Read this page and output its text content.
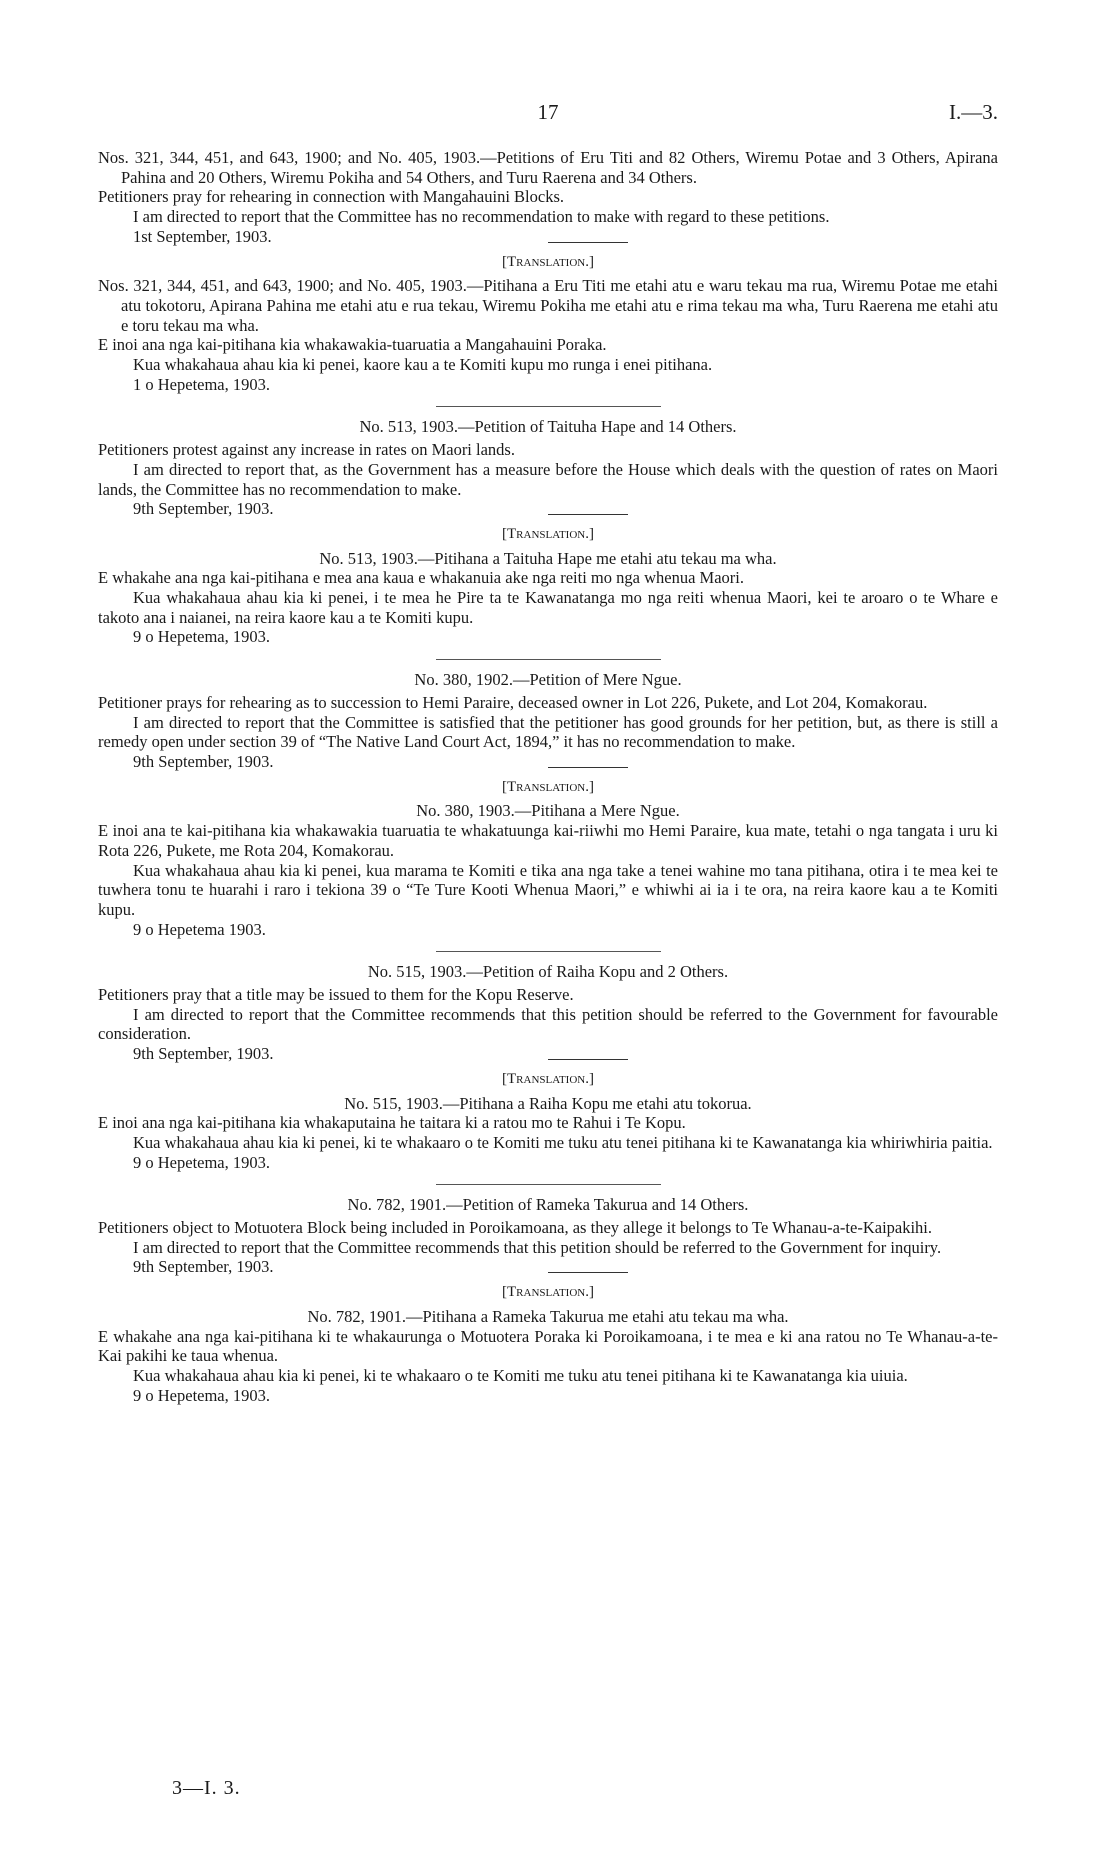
17	I.—3.

Nos. 321, 344, 451, and 643, 1900; and No. 405, 1903.—Petitions of Eru Titi and 82 Others, Wiremu Potae and 3 Others, Apirana Pahina and 20 Others, Wiremu Pokiha and 54 Others, and Turu Raerena and 34 Others.

Petitioners pray for rehearing in connection with Mangahauini Blocks.

I am directed to report that the Committee has no recommendation to make with regard to these petitions.

1st September, 1903.

[Translation.]

Nos. 321, 344, 451, and 643, 1900; and No. 405, 1903.—Pitihana a Eru Titi me etahi atu e waru tekau ma rua, Wiremu Potae me etahi atu tokotoru, Apirana Pahina me etahi atu e rua tekau, Wiremu Pokiha me etahi atu e rima tekau ma wha, Turu Raerena me etahi atu e toru tekau ma wha.

E inoi ana nga kai-pitihana kia whakawakia-tuaruatia a Mangahauini Poraka.

Kua whakahaua ahau kia ki penei, kaore kau a te Komiti kupu mo runga i enei pitihana.

1 o Hepetema, 1903.

No. 513, 1903.—Petition of Taituha Hape and 14 Others.

Petitioners protest against any increase in rates on Maori lands.

I am directed to report that, as the Government has a measure before the House which deals with the question of rates on Maori lands, the Committee has no recommendation to make.

9th September, 1903.

[Translation.]

No. 513, 1903.—Pitihana a Taituha Hape me etahi atu tekau ma wha.

E whakahe ana nga kai-pitihana e mea ana kaua e whakanuia ake nga reiti mo nga whenua Maori.

Kua whakahaua ahau kia ki penei, i te mea he Pire ta te Kawanatanga mo nga reiti whenua Maori, kei te aroaro o te Whare e takoto ana i naianei, na reira kaore kau a te Komiti kupu.

9 o Hepetema, 1903.

No. 380, 1902.—Petition of Mere Ngue.

Petitioner prays for rehearing as to succession to Hemi Paraire, deceased owner in Lot 226, Pukete, and Lot 204, Komakorau.

I am directed to report that the Committee is satisfied that the petitioner has good grounds for her petition, but, as there is still a remedy open under section 39 of “The Native Land Court Act, 1894,” it has no recommendation to make.

9th September, 1903.

[Translation.]

No. 380, 1903.—Pitihana a Mere Ngue.

E inoi ana te kai-pitihana kia whakawakia tuaruatia te whakatuunga kai-riiwhi mo Hemi Paraire, kua mate, tetahi o nga tangata i uru ki Rota 226, Pukete, me Rota 204, Komakorau.

Kua whakahaua ahau kia ki penei, kua marama te Komiti e tika ana nga take a tenei wahine mo tana pitihana, otira i te mea kei te tuwhera tonu te huarahi i raro i tekiona 39 o “Te Ture Kooti Whenua Maori,” e whiwhi ai ia i te ora, na reira kaore kau a te Komiti kupu.

9 o Hepetema 1903.

No. 515, 1903.—Petition of Raiha Kopu and 2 Others.

Petitioners pray that a title may be issued to them for the Kopu Reserve.

I am directed to report that the Committee recommends that this petition should be referred to the Government for favourable consideration.

9th September, 1903.

[Translation.]

No. 515, 1903.—Pitihana a Raiha Kopu me etahi atu tokorua.

E inoi ana nga kai-pitihana kia whakaputaina he taitara ki a ratou mo te Rahui i Te Kopu.

Kua whakahaua ahau kia ki penei, ki te whakaaro o te Komiti me tuku atu tenei pitihana ki te Kawanatanga kia whiriwhiria paitia.

9 o Hepetema, 1903.

No. 782, 1901.—Petition of Rameka Takurua and 14 Others.

Petitioners object to Motuotera Block being included in Poroikamoana, as they allege it belongs to Te Whanau-a-te-Kaipakihi.

I am directed to report that the Committee recommends that this petition should be referred to the Government for inquiry.

9th September, 1903.

[Translation.]

No. 782, 1901.—Pitihana a Rameka Takurua me etahi atu tekau ma wha.

E whakahe ana nga kai-pitihana ki te whakaurunga o Motuotera Poraka ki Poroikamoana, i te mea e ki ana ratou no Te Whanau-a-te-Kai pakihi ke taua whenua.

Kua whakahaua ahau kia ki penei, ki te whakaaro o te Komiti me tuku atu tenei pitihana ki te Kawanatanga kia uiuia.

9 o Hepetema, 1903.

3—I. 3.
